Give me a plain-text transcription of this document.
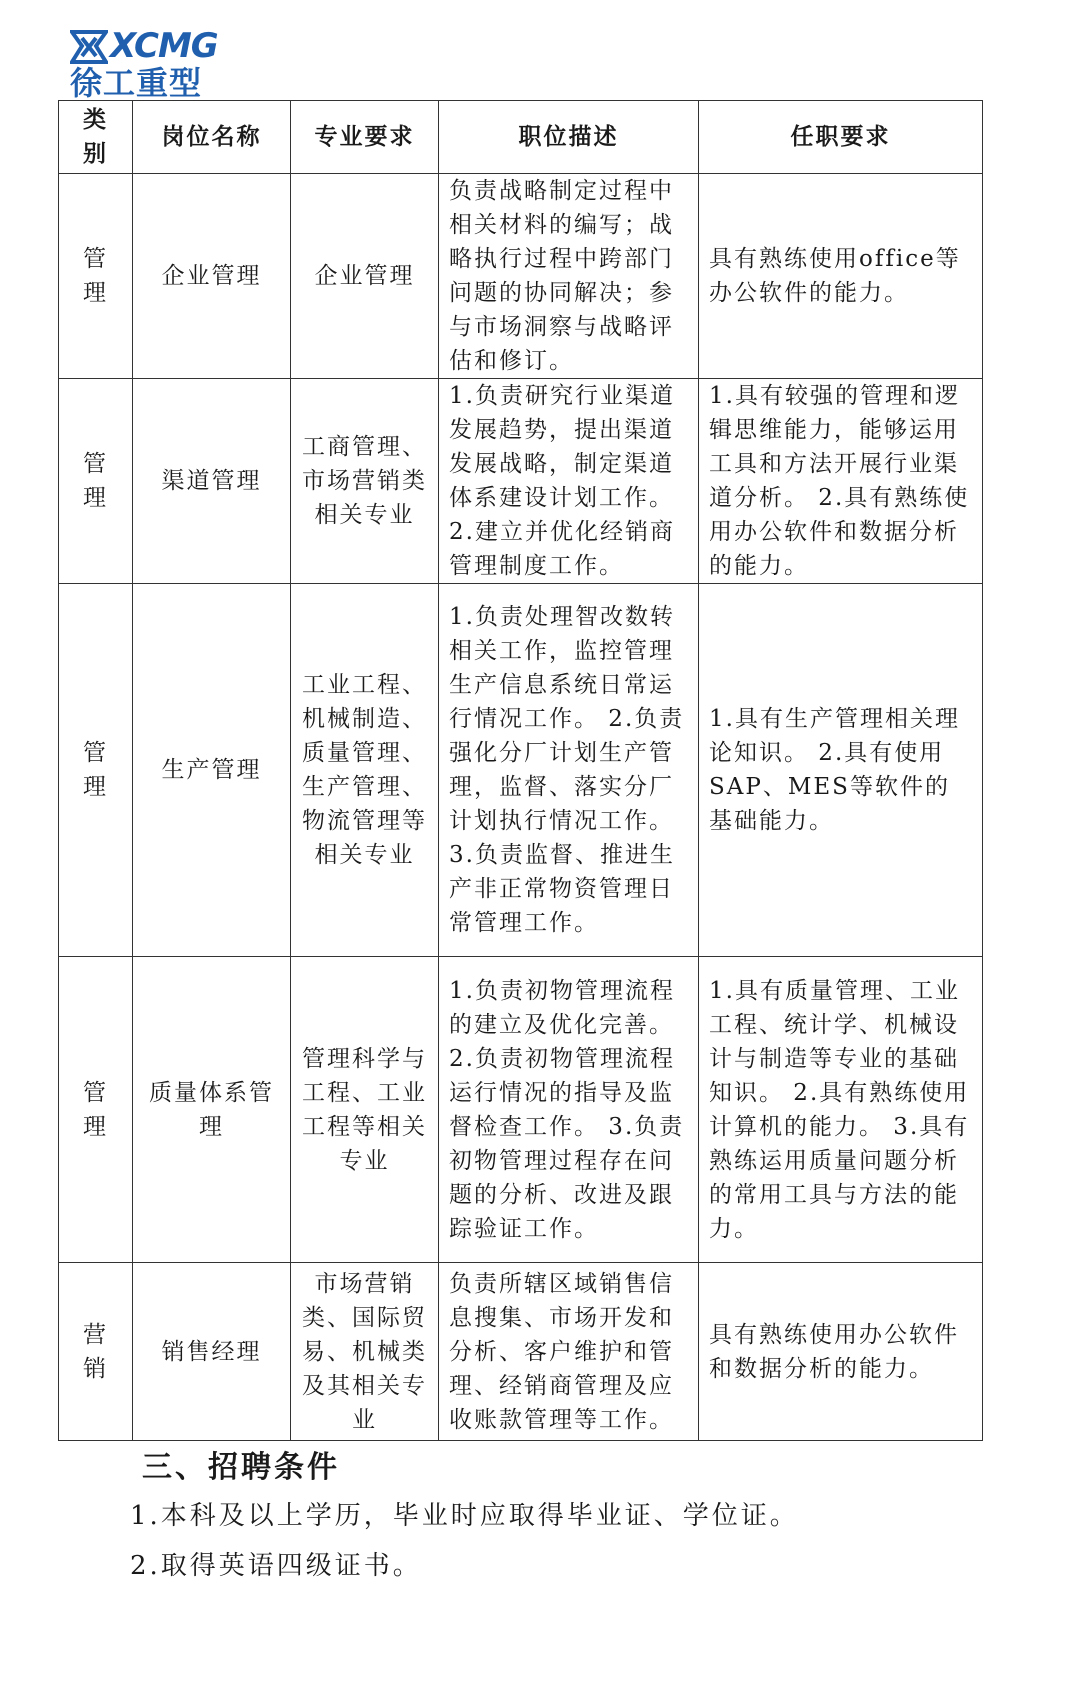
XCMG
徐工重型
类别	岗位名称	专业要求	职位描述	任职要求
管理	企业管理	企业管理	负责战略制定过程中相关材料的编写；战略执行过程中跨部门问题的协同解决；参与市场洞察与战略评估和修订。	具有熟练使用office等办公软件的能力。
管理	渠道管理	工商管理、市场营销类相关专业	1.负责研究行业渠道发展趋势，提出渠道发展战略，制定渠道体系建设计划工作。 2.建立并优化经销商管理制度工作。	1.具有较强的管理和逻辑思维能力，能够运用工具和方法开展行业渠道分析。 2.具有熟练使用办公软件和数据分析的能力。
管理	生产管理	工业工程、机械制造、质量管理、生产管理、物流管理等相关专业	1.负责处理智改数转相关工作，监控管理生产信息系统日常运行情况工作。 2.负责强化分厂计划生产管理，监督、落实分厂计划执行情况工作。 3.负责监督、推进生产非正常物资管理日常管理工作。	1.具有生产管理相关理论知识。 2.具有使用SAP、MES等软件的基础能力。
管理	质量体系管理	管理科学与工程、工业工程等相关专业	1.负责初物管理流程的建立及优化完善。 2.负责初物管理流程运行情况的指导及监督检查工作。 3.负责初物管理过程存在问题的分析、改进及跟踪验证工作。	1.具有质量管理、工业工程、统计学、机械设计与制造等专业的基础知识。 2.具有熟练使用计算机的能力。 3.具有熟练运用质量问题分析的常用工具与方法的能力。
营销	销售经理	市场营销类、国际贸易、机械类及其相关专业	负责所辖区域销售信息搜集、市场开发和分析、客户维护和管理、经销商管理及应收账款管理等工作。	具有熟练使用办公软件和数据分析的能力。
三、招聘条件
1.本科及以上学历，毕业时应取得毕业证、学位证。
2.取得英语四级证书。
